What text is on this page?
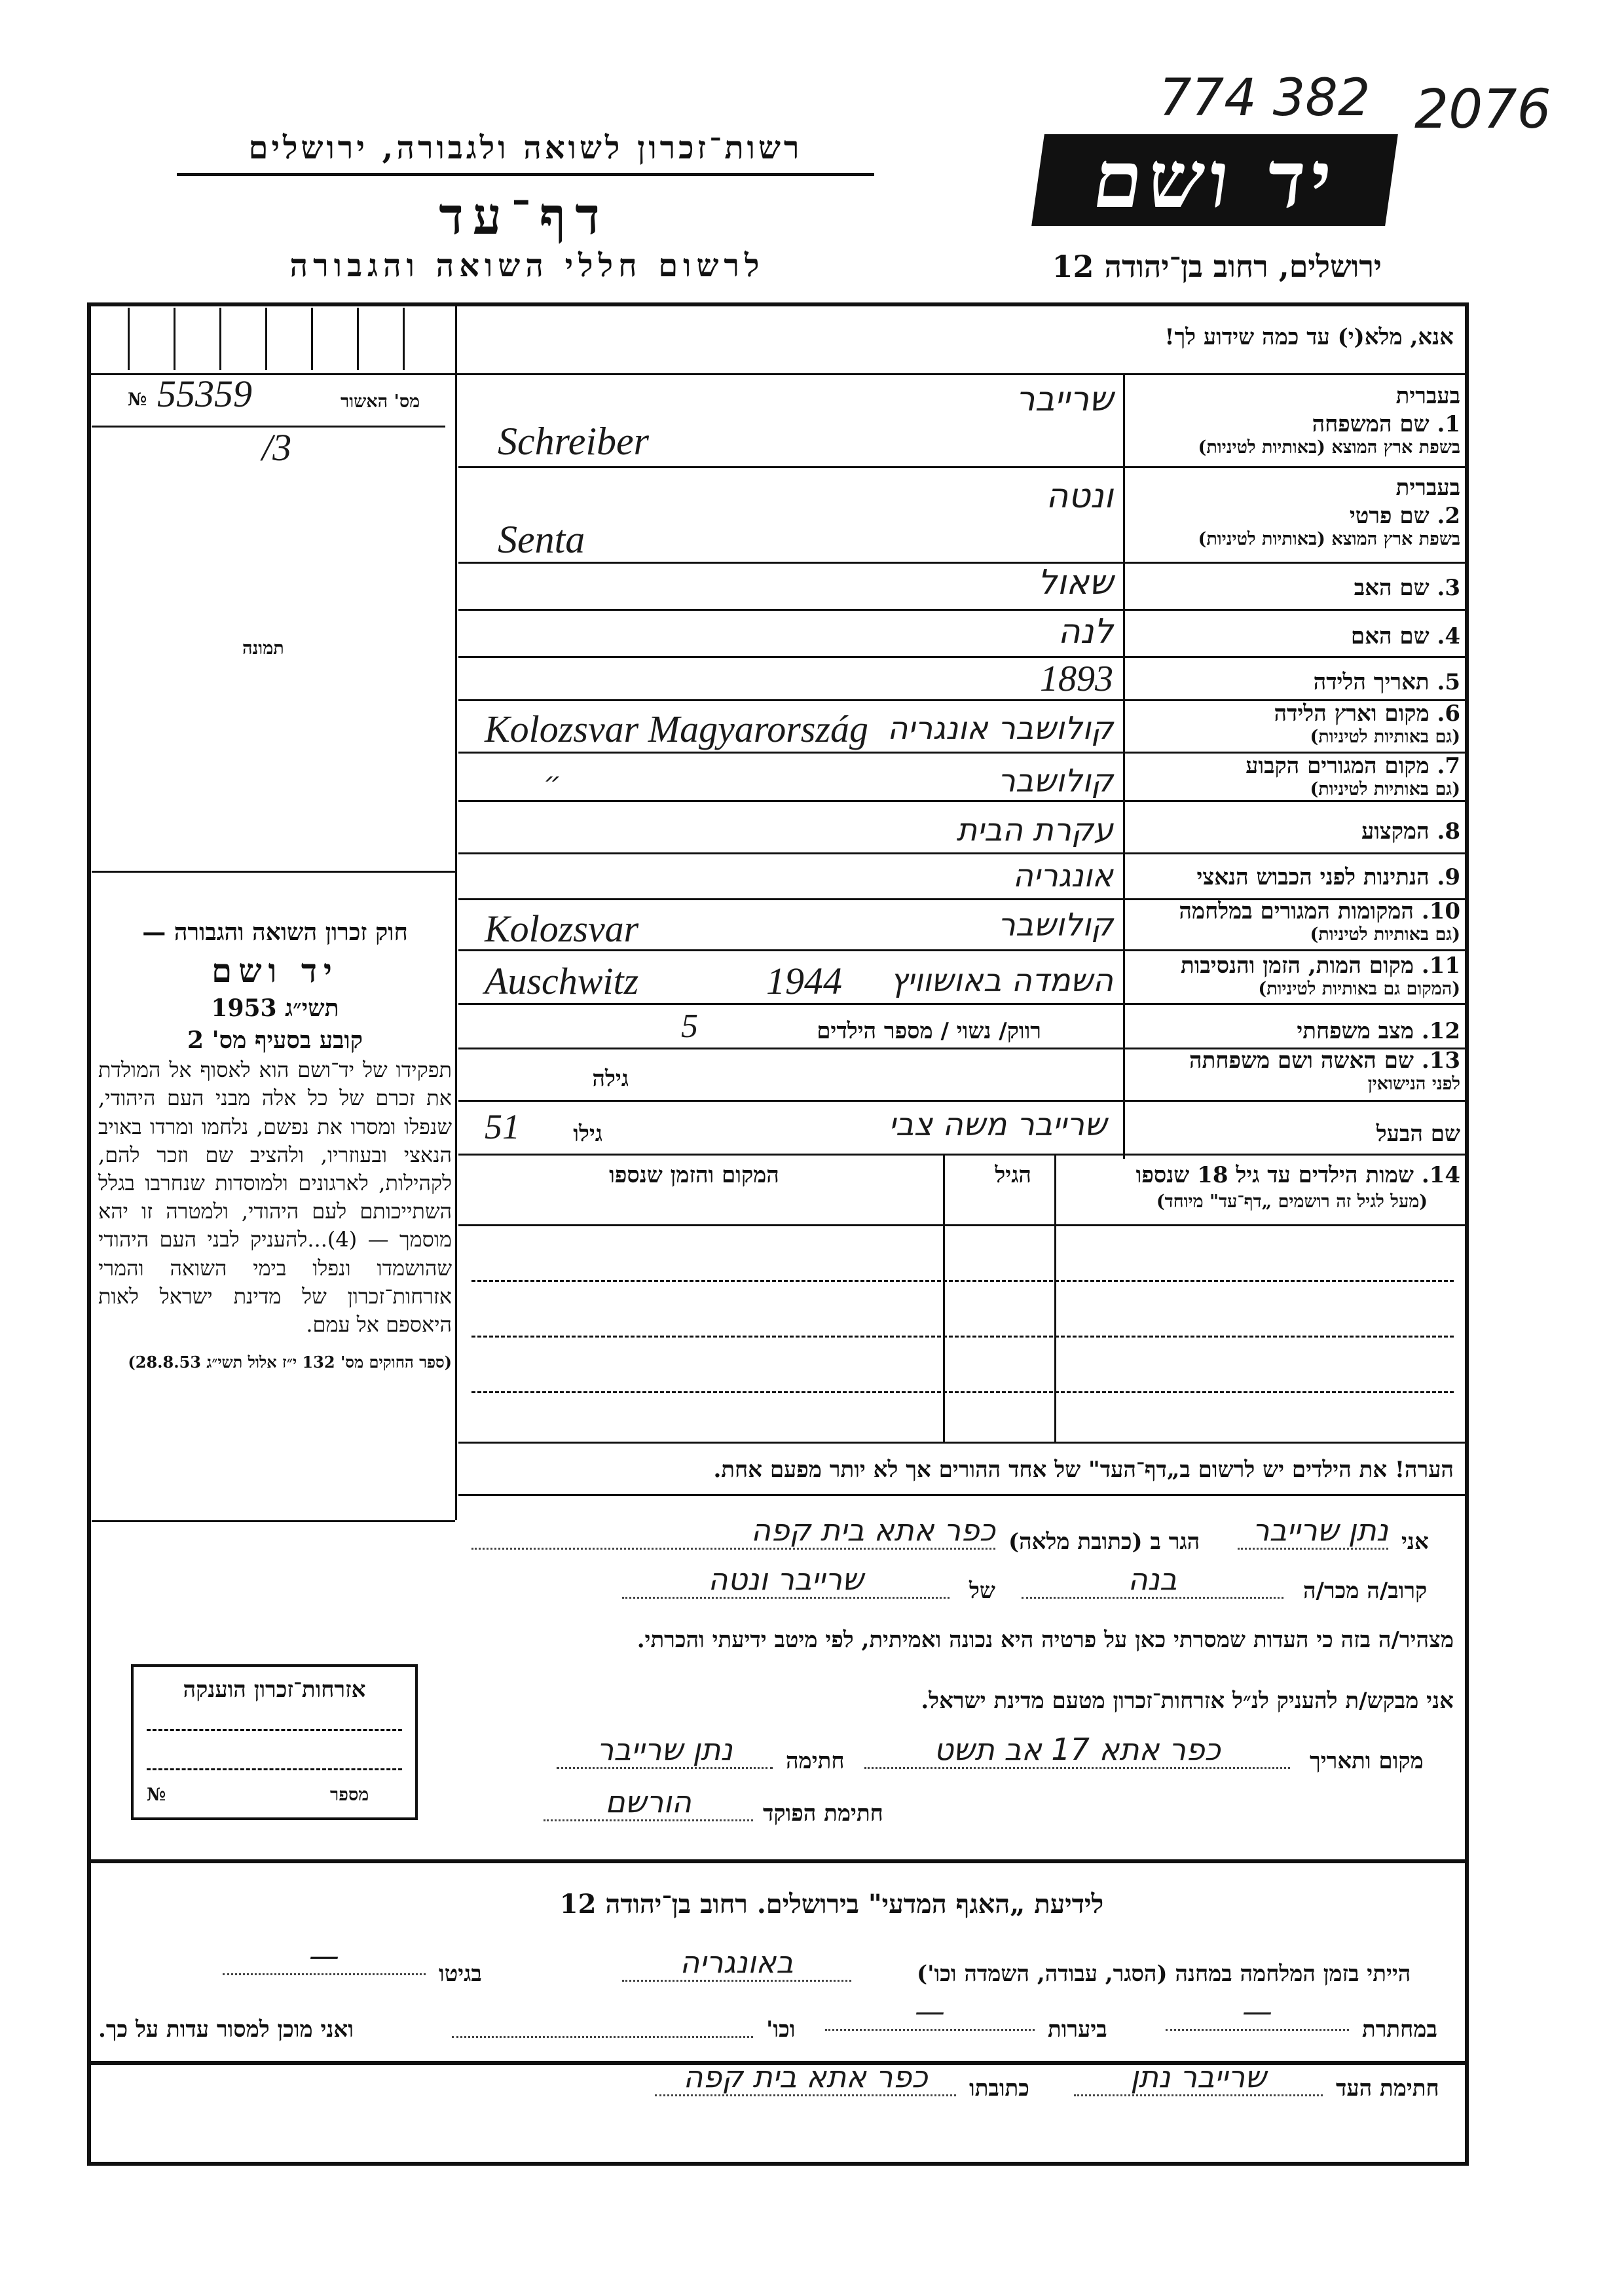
774 382 2076
יד ושם
ירושלים, רחוב בן־יהודה 12
רשות־זכרון לשואה ולגבורה, ירושלים
דף־עד
לרשום חללי השואה והגבורה
אנא, מלא(י) עד כמה שידוע לך!
№ 55359	מס' האשור
/3
תמונה
בעברית
1. שם המשפחה
בשפת ארץ המוצא (באותיות לטיניות)
שרייבר
Schreiber
בעברית
2. שם פרטי
בשפת ארץ המוצא (באותיות לטיניות)
ונטה
Senta
3. שם האב
שאול
4. שם האם
לנה
5. תאריך הלידה
1893
6. מקום וארץ הלידה
(גם באותיות לטיניות)
קולושבר אונגריה
Kolozsvar Magyarország
7. מקום המגורים הקבוע
(גם באותיות לטיניות)
קולושבר
״
8. המקצוע
עקרת הבית
9. הנתינות לפני הכבוש הנאצי
אונגריה
10. המקומות המגורים במלחמה
(גם באותיות לטיניות)
קולושבר
Kolozsvar
11. מקום המות, הזמן והנסיבות
(המקום גם באותיות לטיניות)
השמדה באושוויץ
1944
Auschwitz
12. מצב משפחתי
רווק/ נשוי / מספר הילדים
5
13. שם האשה ושם משפחתה
לפני הנישואין
גילה
שם הבעל
שרייבר משה צבי
גילו
51
14. שמות הילדים עד גיל 18 שנספו
(מעל לגיל זה רושמים „דף־עד" מיוחד)
הגיל
המקום והזמן שנספו
הערה! את הילדים יש לרשום ב„דף־העד" של אחד ההורים אך לא יותר מפעם אחת.

חוק זכרון השואה והגבורה —

יד ושם

תשי״ג 1953

קובע בסעיף מס' 2

תפקידו של יד־ושם הוא לאסוף אל המולדת את זכרם של כל אלה מבני העם היהודי, שנפלו ומסרו את נפשם, נלחמו ומרדו באויב הנאצי ובעוזריו, ולהציב שם וזכר להם, לקהילות, לארגונים ולמוסדות שנחרבו בגלל השתייכותם לעם היהודי, ולמטרה זו יהא מוסמך — (4)...להעניק לבני העם היהודי שהושמדו ונפלו בימי השואה והמרי אזרחות־זכרון של מדינת ישראל לאות היאספם אל עמם.

(ספר החוקים מס' 132 י״ז אלול תשי״ג 28.8.53)

אני
נתן שרייבר
הגר ב (כתובת מלאה)
כפר אתא בית קפה
קרוב/ה מכר/ה
בנה
של
שרייבר ונטה
מצהיר/ה בזה כי העדות שמסרתי כאן על פרטיה היא נכונה ואמיתית, לפי מיטב ידיעתי והכרתי.
אני מבקש/ת להעניק לנ״ל אזרחות־זכרון מטעם מדינת ישראל.
מקום ותאריך
כפר אתא 17 אב תשט
חתימה
נתן שרייבר
חתימת הפוקד
הורשם
אזרחות־זכרון הוענקה
№	מספר
לידיעת „האגף המדעי" בירושלים. רחוב בן־יהודה 12
הייתי בזמן המלחמה במחנה (הסגר, עבודה, השמדה וכו')
באונגריה
בגיטו
—
במחתרת
—
ביערות
—
וכו'
ואני מוכן למסור עדות על כך.
חתימת העד
שרייבר נתן
כתובתו
כפר אתא בית קפה
